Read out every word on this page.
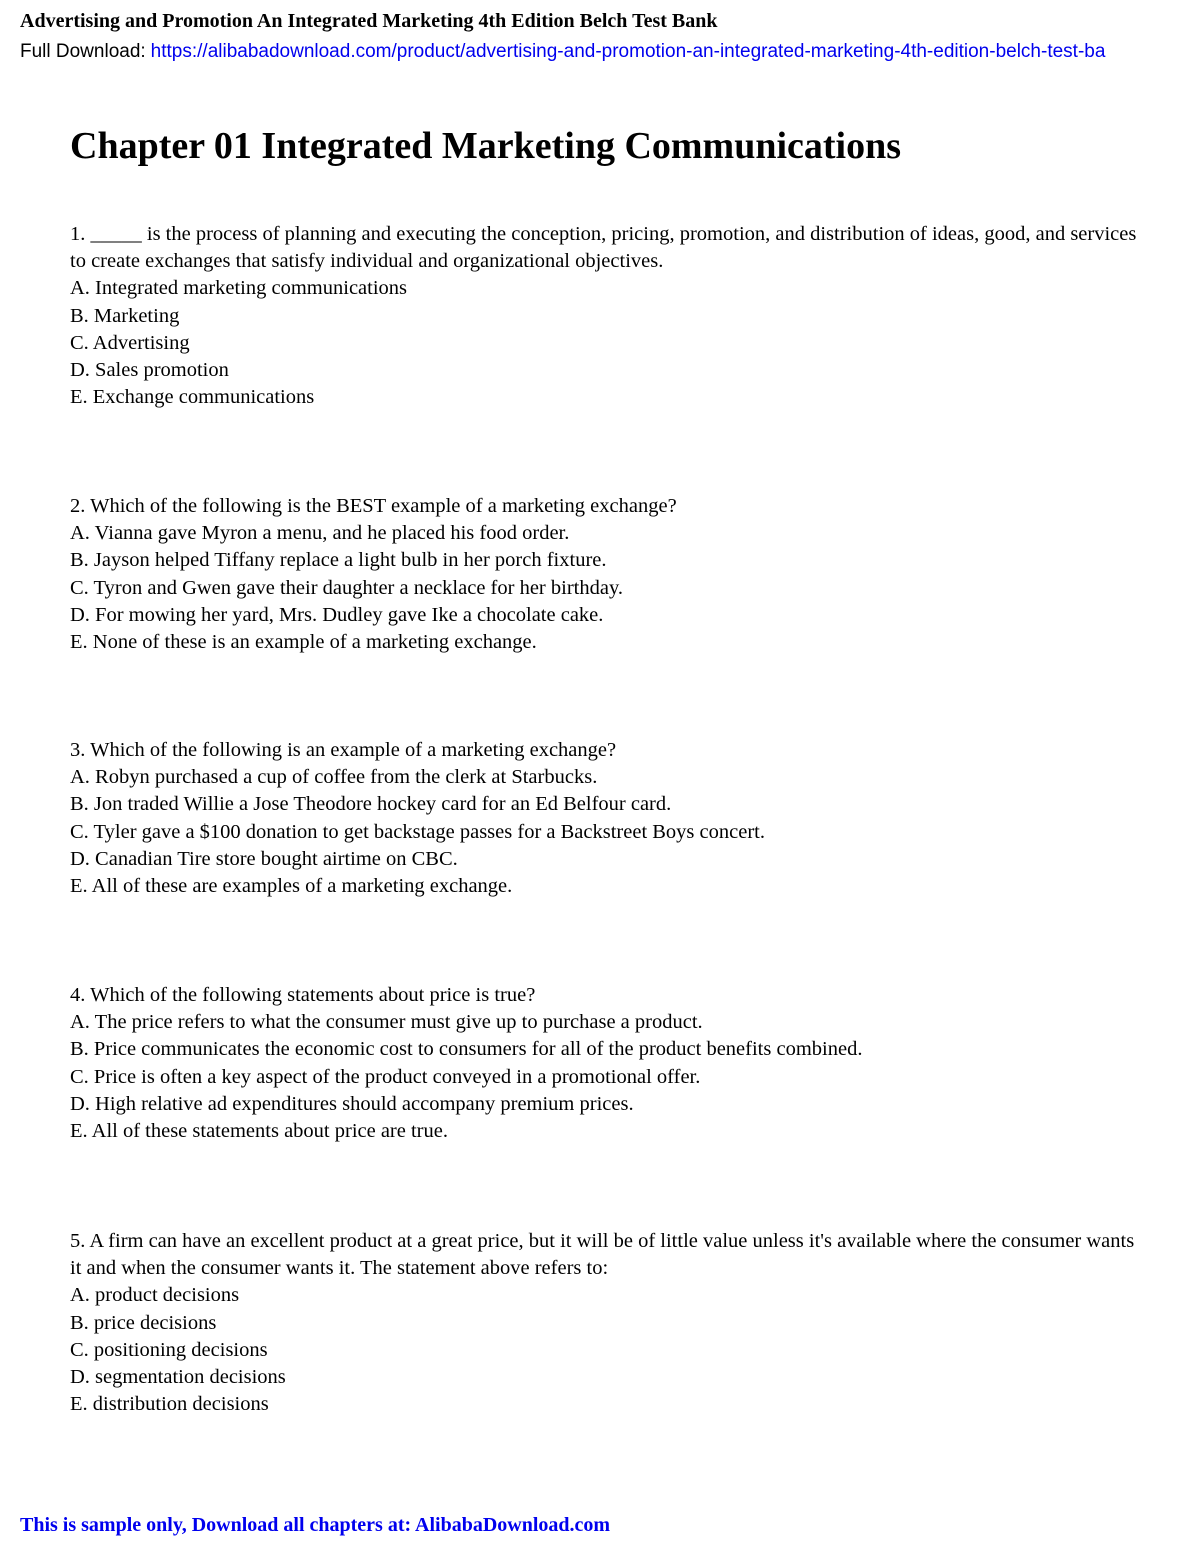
Advertising and Promotion An Integrated Marketing 4th Edition Belch Test Bank
Full Download: https://alibabadownload.com/product/advertising-and-promotion-an-integrated-marketing-4th-edition-belch-test-ba
Chapter 01 Integrated Marketing Communications

1. _____ is the process of planning and executing the conception, pricing, promotion, and distribution of ideas, good, and services to create exchanges that satisfy individual and organizational objectives.

A. Integrated marketing communications

B. Marketing

C. Advertising

D. Sales promotion

E. Exchange communications

2. Which of the following is the BEST example of a marketing exchange?

A. Vianna gave Myron a menu, and he placed his food order.

B. Jayson helped Tiffany replace a light bulb in her porch fixture.

C. Tyron and Gwen gave their daughter a necklace for her birthday.

D. For mowing her yard, Mrs. Dudley gave Ike a chocolate cake.

E. None of these is an example of a marketing exchange.

3. Which of the following is an example of a marketing exchange?

A. Robyn purchased a cup of coffee from the clerk at Starbucks.

B. Jon traded Willie a Jose Theodore hockey card for an Ed Belfour card.

C. Tyler gave a $100 donation to get backstage passes for a Backstreet Boys concert.

D. Canadian Tire store bought airtime on CBC.

E. All of these are examples of a marketing exchange.

4. Which of the following statements about price is true?

A. The price refers to what the consumer must give up to purchase a product.

B. Price communicates the economic cost to consumers for all of the product benefits combined.

C. Price is often a key aspect of the product conveyed in a promotional offer.

D. High relative ad expenditures should accompany premium prices.

E. All of these statements about price are true.

5. A firm can have an excellent product at a great price, but it will be of little value unless it's available where the consumer wants it and when the consumer wants it. The statement above refers to:

A. product decisions

B. price decisions

C. positioning decisions

D. segmentation decisions

E. distribution decisions

This is sample only, Download all chapters at: AlibabaDownload.com
